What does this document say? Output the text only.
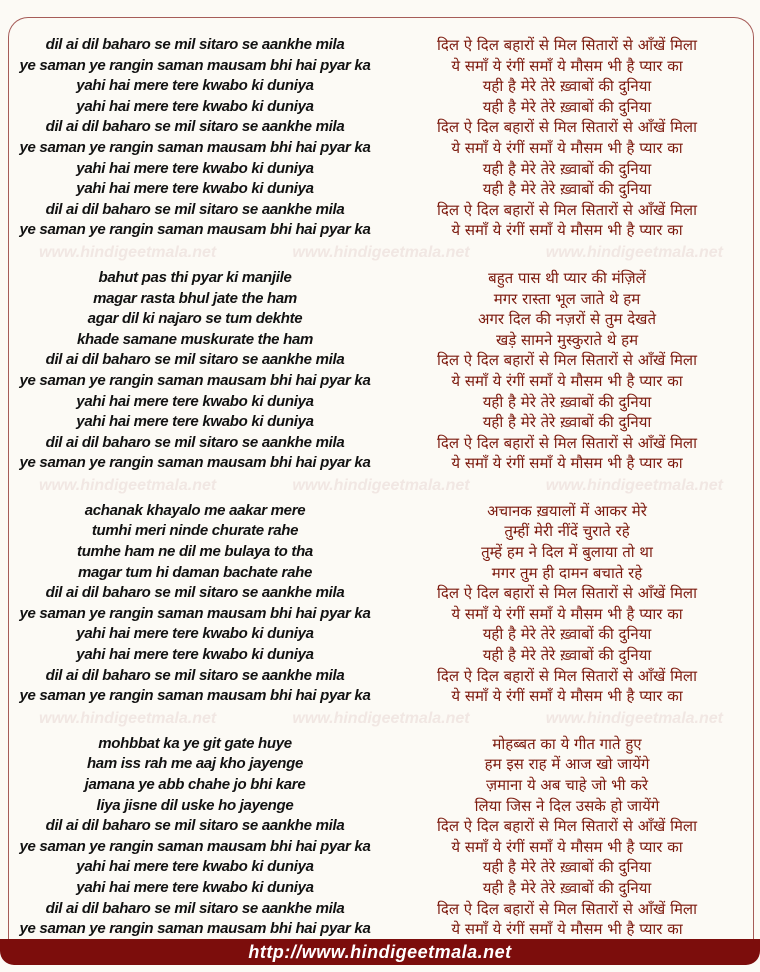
dil ai dil baharo se mil sitaro se aankhe mila
ye saman ye rangin saman mausam bhi hai pyar ka
yahi hai mere tere kwabo ki duniya
yahi hai mere tere kwabo ki duniya
dil ai dil baharo se mil sitaro se aankhe mila
ye saman ye rangin saman mausam bhi hai pyar ka
yahi hai mere tere kwabo ki duniya
yahi hai mere tere kwabo ki duniya
dil ai dil baharo se mil sitaro se aankhe mila
ye saman ye rangin saman mausam bhi hai pyar ka
दिल ऐ दिल बहारों से मिल सितारों से आँखें मिला
ये समाँ ये रंगीं समाँ ये मौसम भी है प्यार का
यही है मेरे तेरे ख़्वाबों की दुनिया
यही है मेरे तेरे ख़्वाबों की दुनिया
दिल ऐ दिल बहारों से मिल सितारों से आँखें मिला
ये समाँ ये रंगीं समाँ ये मौसम भी है प्यार का
यही है मेरे तेरे ख़्वाबों की दुनिया
यही है मेरे तेरे ख़्वाबों की दुनिया
दिल ऐ दिल बहारों से मिल सितारों से आँखें मिला
ये समाँ ये रंगीं समाँ ये मौसम भी है प्यार का
www.hindigeetmala.net	www.hindigeetmala.net	www.hindigeetmala.net
bahut pas thi pyar ki manjile
magar rasta bhul jate the ham
agar dil ki najaro se tum dekhte
khade samane muskurate the ham
dil ai dil baharo se mil sitaro se aankhe mila
ye saman ye rangin saman mausam bhi hai pyar ka
yahi hai mere tere kwabo ki duniya
yahi hai mere tere kwabo ki duniya
dil ai dil baharo se mil sitaro se aankhe mila
ye saman ye rangin saman mausam bhi hai pyar ka
बहुत पास थी प्यार की मंज़िलें
मगर रास्ता भूल जाते थे हम
अगर दिल की नज़रों से तुम देखते
खड़े सामने मुस्कुराते थे हम
दिल ऐ दिल बहारों से मिल सितारों से आँखें मिला
ये समाँ ये रंगीं समाँ ये मौसम भी है प्यार का
यही है मेरे तेरे ख़्वाबों की दुनिया
यही है मेरे तेरे ख़्वाबों की दुनिया
दिल ऐ दिल बहारों से मिल सितारों से आँखें मिला
ये समाँ ये रंगीं समाँ ये मौसम भी है प्यार का
www.hindigeetmala.net	www.hindigeetmala.net	www.hindigeetmala.net
achanak khayalo me aakar mere
tumhi meri ninde churate rahe
tumhe ham ne dil me bulaya to tha
magar tum hi daman bachate rahe
dil ai dil baharo se mil sitaro se aankhe mila
ye saman ye rangin saman mausam bhi hai pyar ka
yahi hai mere tere kwabo ki duniya
yahi hai mere tere kwabo ki duniya
dil ai dil baharo se mil sitaro se aankhe mila
ye saman ye rangin saman mausam bhi hai pyar ka
अचानक ख़यालों में आकर मेरे
तुम्हीं मेरी नींदें चुराते रहे
तुम्हें हम ने दिल में बुलाया तो था
मगर तुम ही दामन बचाते रहे
दिल ऐ दिल बहारों से मिल सितारों से आँखें मिला
ये समाँ ये रंगीं समाँ ये मौसम भी है प्यार का
यही है मेरे तेरे ख़्वाबों की दुनिया
यही है मेरे तेरे ख़्वाबों की दुनिया
दिल ऐ दिल बहारों से मिल सितारों से आँखें मिला
ये समाँ ये रंगीं समाँ ये मौसम भी है प्यार का
www.hindigeetmala.net	www.hindigeetmala.net	www.hindigeetmala.net
mohbbat ka ye git gate huye
ham iss rah me aaj kho jayenge
jamana ye abb chahe jo bhi kare
liya jisne dil uske ho jayenge
dil ai dil baharo se mil sitaro se aankhe mila
ye saman ye rangin saman mausam bhi hai pyar ka
yahi hai mere tere kwabo ki duniya
yahi hai mere tere kwabo ki duniya
dil ai dil baharo se mil sitaro se aankhe mila
ye saman ye rangin saman mausam bhi hai pyar ka
मोहब्बत का ये गीत गाते हुए
हम इस राह में आज खो जायेंगे
ज़माना ये अब चाहे जो भी करे
लिया जिस ने दिल उसके हो जायेंगे
दिल ऐ दिल बहारों से मिल सितारों से आँखें मिला
ये समाँ ये रंगीं समाँ ये मौसम भी है प्यार का
यही है मेरे तेरे ख़्वाबों की दुनिया
यही है मेरे तेरे ख़्वाबों की दुनिया
दिल ऐ दिल बहारों से मिल सितारों से आँखें मिला
ये समाँ ये रंगीं समाँ ये मौसम भी है प्यार का
http://www.hindigeetmala.net
